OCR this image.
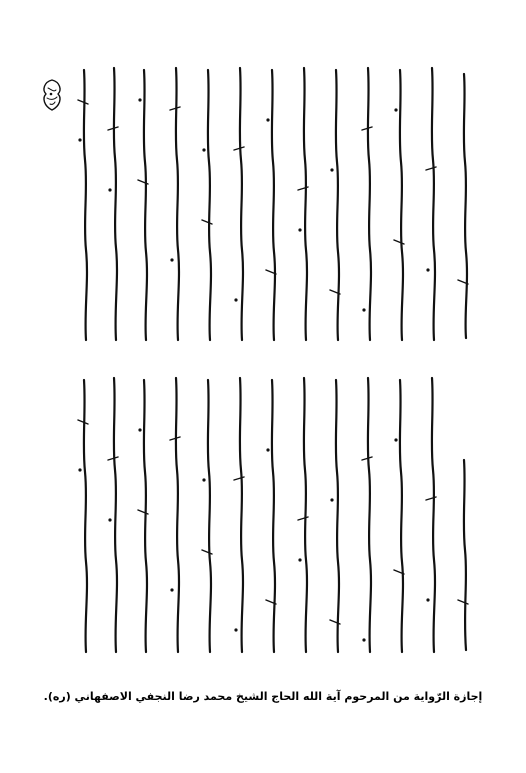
إجازة الرّواية من المرحوم آية الله الحاج الشيخ محمد رضا النجفي الاصفهاني (ره).
